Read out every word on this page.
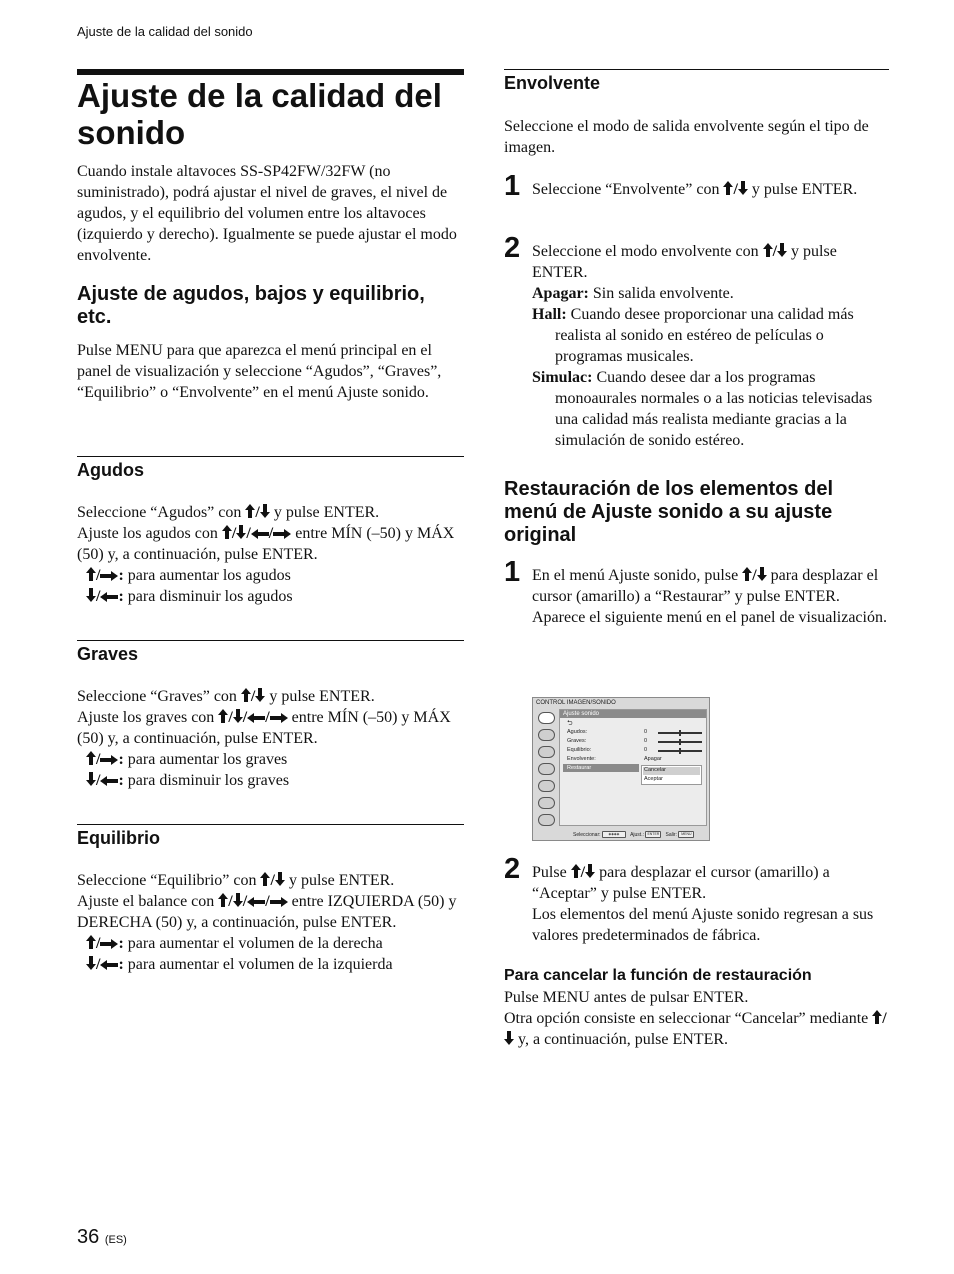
Ajuste de la calidad del sonido
Ajuste de la calidad del sonido
Cuando instale altavoces SS-SP42FW/32FW (no suministrado), podrá ajustar el nivel de graves, el nivel de agudos, y el equilibrio del volumen entre los altavoces (izquierdo y derecho). Igualmente se puede ajustar el modo envolvente.
Ajuste de agudos, bajos y equilibrio, etc.
Pulse MENU para que aparezca el menú principal en el panel de visualización y seleccione “Agudos”, “Graves”, “Equilibrio” o “Envolvente” en el menú Ajuste sonido.
Agudos

Seleccione “Agudos” con / y pulse ENTER.

Ajuste los agudos con / / / entre MÍN (–50) y MÁX (50) y, a continuación, pulse ENTER.

/ : para aumentar los agudos

/ : para disminuir los agudos

Graves

Seleccione “Graves” con / y pulse ENTER.

Ajuste los graves con / / / entre MÍN (–50) y MÁX (50) y, a continuación, pulse ENTER.

/ : para aumentar los graves

/ : para disminuir los graves

Equilibrio

Seleccione “Equilibrio” con / y pulse ENTER.

Ajuste el balance con / / / entre IZQUIERDA (50) y DERECHA (50) y, a continuación, pulse ENTER.

/ : para aumentar el volumen de la derecha

/ : para aumentar el volumen de la izquierda

Envolvente
Seleccione el modo de salida envolvente según el tipo de imagen.
1 Seleccione “Envolvente” con / y pulse ENTER.

2 Seleccione el modo envolvente con / y pulse ENTER.

Apagar: Sin salida envolvente.

Hall: Cuando desee proporcionar una calidad más realista al sonido en estéreo de películas o programas musicales.

Simulac: Cuando desee dar a los programas monoaurales normales o a las noticias televisadas una calidad más realista mediante gracias a la simulación de sonido estéreo.

Restauración de los elementos del menú de Ajuste sonido a su ajuste original
1 En el menú Ajuste sonido, pulse / para desplazar el cursor (amarillo) a “Restaurar” y pulse ENTER.

Aparece el siguiente menú en el panel de visualización.

CONTROL IMAGEN/SONIDO
Ajuste sonido
⮌
Agudos:	0
Graves:	0
Equilibrio:	0
Envolvente:	Apagar
Restaurar	Cancelar
Aceptar
Seleccionar: ◈◈◈◈ Ajust.: ENTER Salir: MENU
2 Pulse / para desplazar el cursor (amarillo) a “Aceptar” y pulse ENTER.

Los elementos del menú Ajuste sonido regresan a sus valores predeterminados de fábrica.

Para cancelar la función de restauración

Pulse MENU antes de pulsar ENTER.

Otra opción consiste en seleccionar “Cancelar” mediante / y, a continuación, pulse ENTER.

36 (ES)
